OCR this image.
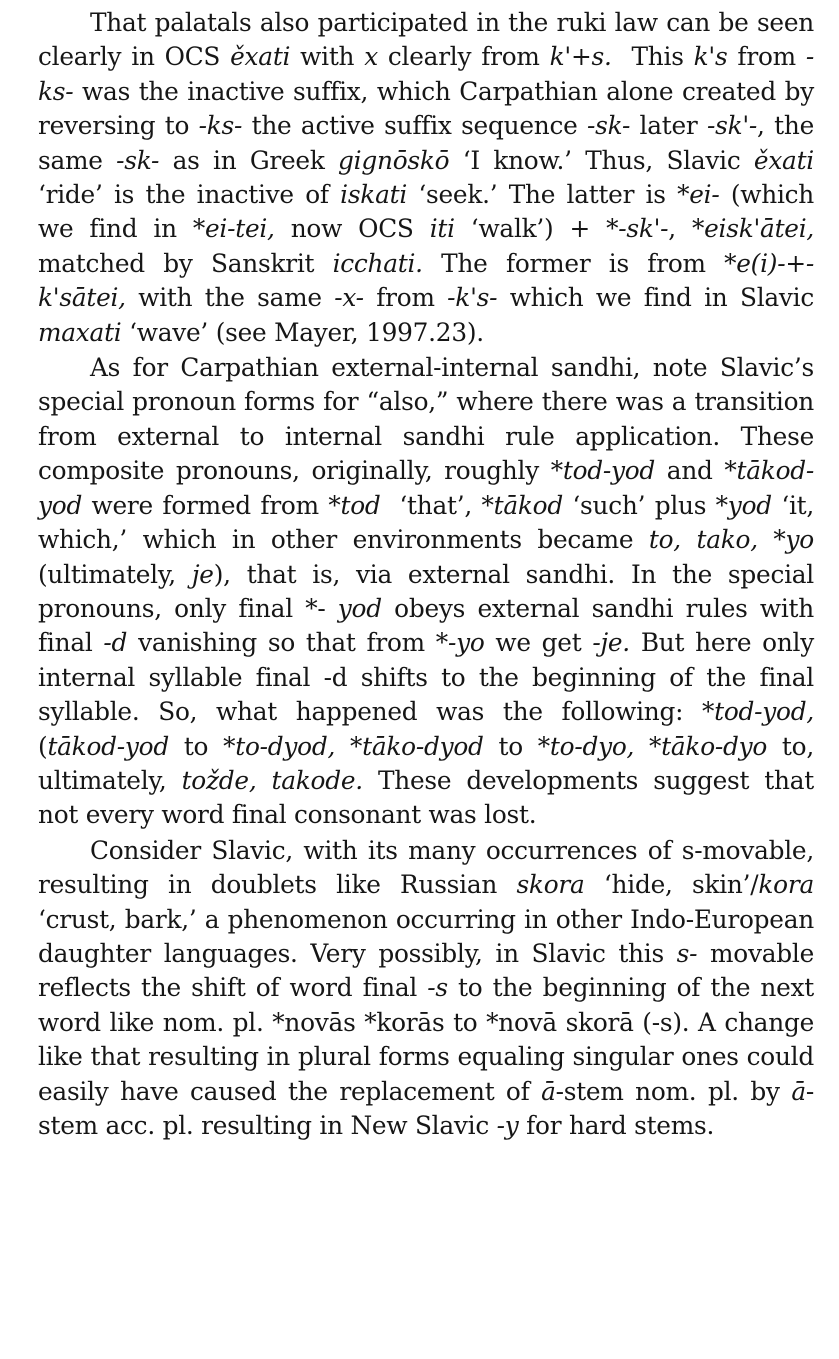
That palatals also participated in the ruki law can be seen clearly in OCS ěxati with x clearly from k'+s.  This k's from -ks- was the inactive suffix, which Carpathian alone created by reversing to -ks- the active suffix sequence -sk- later -sk'-, the same -sk- as in Greek gignōskō ‘I know.’ Thus, Slavic ěxati ‘ride’ is the inactive of iskati ‘seek.’ The latter is *ei- (which we find in *ei-tei, now OCS iti ‘walk’) + *-sk'-, *eisk'ātei, matched by Sanskrit icchati. The former is from *e(i)-+-k'sātei, with the same -x- from -k's- which we find in Slavic maxati ‘wave’ (see Mayer, 1997.23).

As for Carpathian external-internal sandhi, note Slavic’s special pronoun forms for “also,” where there was a transition from external to internal sandhi rule application. These composite pronouns, originally, roughly *tod-yod and *tākod-yod were formed from *tod  ‘that’, *tākod ‘such’ plus *yod ‘it, which,’ which in other environments became to, tako, *yo (ultimately, je), that is, via external sandhi. In the special pronouns, only final *- yod obeys external sandhi rules with final -d vanishing so that from *-yo we get -je. But here only internal syllable final -d shifts to the beginning of the final syllable. So, what happened was the following: *tod-yod, (tākod-yod to *to-dyod, *tāko-dyod to *to-dyo, *tāko-dyo to, ultimately, tožde, takode. These developments suggest that not every word final consonant was lost.

Consider Slavic, with its many occurrences of s-movable, resulting in doublets like Russian skora ‘hide, skin’/kora ‘crust, bark,’ a phenomenon occurring in other Indo-European daughter languages. Very possibly, in Slavic this s- movable reflects the shift of word final -s to the beginning of the next word like nom. pl. *novās *korās to *novā skorā (-s). A change like that resulting in plural forms equaling singular ones could easily have caused the replacement of ā-stem nom. pl. by ā-stem acc. pl. resulting in New Slavic -y for hard stems.
